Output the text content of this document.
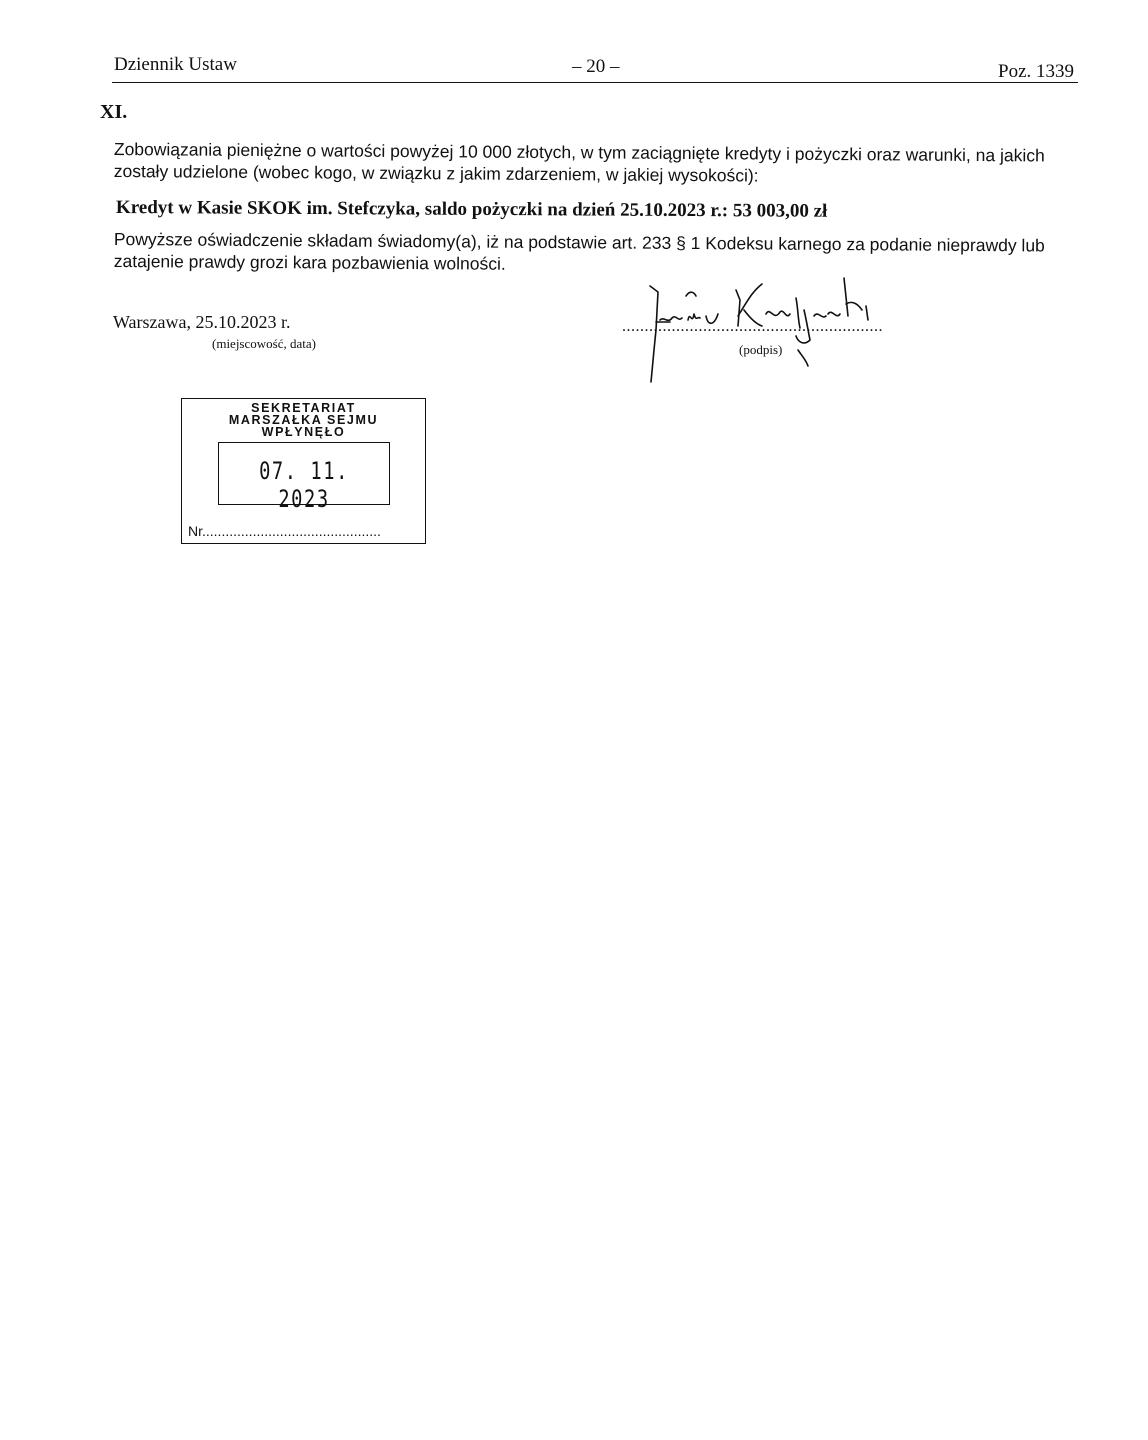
Dziennik Ustaw	– 20 –	Poz. 1339
XI.
Zobowiązania pieniężne o wartości powyżej 10 000 złotych, w tym zaciągnięte kredyty i pożyczki oraz warunki, na jakich zostały udzielone (wobec kogo, w związku z jakim zdarzeniem, w jakiej wysokości):
Kredyt w Kasie SKOK im. Stefczyka, saldo pożyczki na dzień 25.10.2023 r.: 53 003,00 zł
Powyższe oświadczenie składam świadomy(a), iż na podstawie art. 233 § 1 Kodeksu karnego za podanie nieprawdy lub zatajenie prawdy grozi kara pozbawienia wolności.
Warszawa, 25.10.2023 r.
(miejscowość, data)
..........................................................
(podpis)
SEKRETARIAT
MARSZAŁKA SEJMU
WPŁYNĘŁO
07. 11. 2023
Nr..............................................
